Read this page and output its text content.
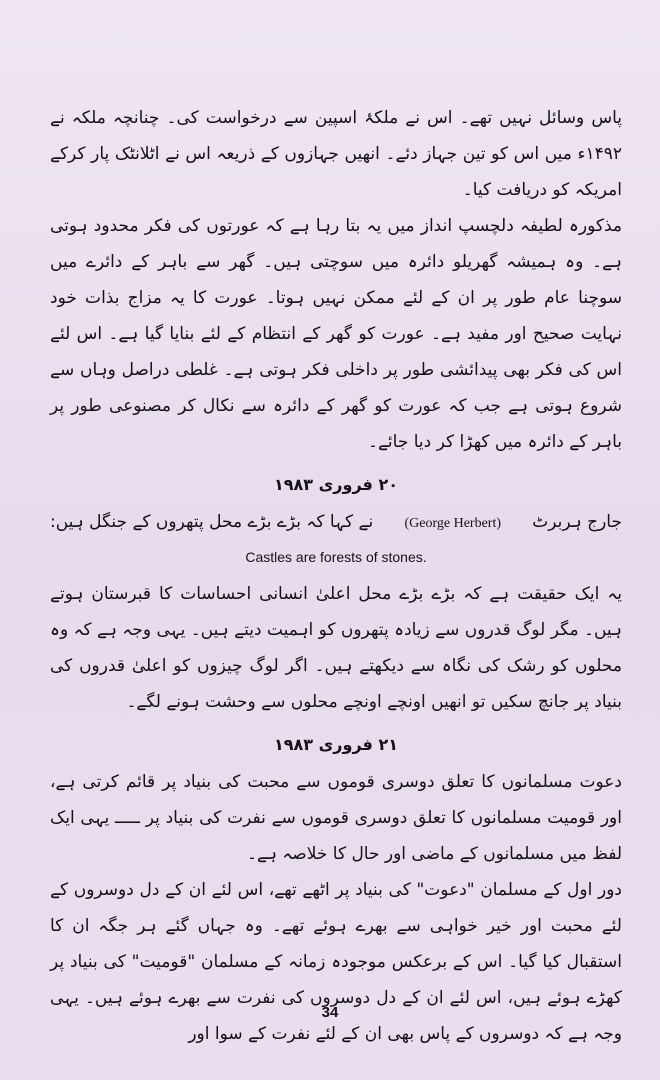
پاس وسائل نہیں تھے۔ اس نے ملکۂ اسپین سے درخواست کی۔ چنانچہ ملکہ نے ۱۴۹۲ء میں اس کو تین جہاز دئے۔ انھیں جہازوں کے ذریعہ اس نے اٹلانٹک پار کرکے امریکہ کو دریافت کیا۔

مذکورہ لطیفہ دلچسپ انداز میں یہ بتا رہا ہے کہ عورتوں کی فکر محدود ہوتی ہے۔ وہ ہمیشہ گھریلو دائرہ میں سوچتی ہیں۔ گھر سے باہر کے دائرے میں سوچنا عام طور پر ان کے لئے ممکن نہیں ہوتا۔ عورت کا یہ مزاج بذات خود نہایت صحیح اور مفید ہے۔ عورت کو گھر کے انتظام کے لئے بنایا گیا ہے۔ اس لئے اس کی فکر بھی پیدائشی طور پر داخلی فکر ہوتی ہے۔ غلطی دراصل وہاں سے شروع ہوتی ہے جب کہ عورت کو گھر کے دائرہ سے نکال کر مصنوعی طور پر باہر کے دائرہ میں کھڑا کر دیا جائے۔

۲۰ فروری ۱۹۸۳
جارج ہربرٹ
(George Herbert)
نے کہا کہ بڑے بڑے محل پتھروں کے جنگل ہیں:
Castles are forests of stones.

یہ ایک حقیقت ہے کہ بڑے بڑے محل اعلیٰ انسانی احساسات کا قبرستان ہوتے ہیں۔ مگر لوگ قدروں سے زیادہ پتھروں کو اہمیت دیتے ہیں۔ یہی وجہ ہے کہ وہ محلوں کو رشک کی نگاہ سے دیکھتے ہیں۔ اگر لوگ چیزوں کو اعلیٰ قدروں کی بنیاد پر جانچ سکیں تو انھیں اونچے اونچے محلوں سے وحشت ہونے لگے۔

۲۱ فروری ۱۹۸۳

دعوت مسلمانوں کا تعلق دوسری قوموں سے محبت کی بنیاد پر قائم کرتی ہے، اور قومیت مسلمانوں کا تعلق دوسری قوموں سے نفرت کی بنیاد پر ـــــ یہی ایک لفظ میں مسلمانوں کے ماضی اور حال کا خلاصہ ہے۔

دور اول کے مسلمان "دعوت" کی بنیاد پر اٹھے تھے، اس لئے ان کے دل دوسروں کے لئے محبت اور خیر خواہی سے بھرے ہوئے تھے۔ وہ جہاں گئے ہر جگہ ان کا استقبال کیا گیا۔ اس کے برعکس موجودہ زمانہ کے مسلمان "قومیت" کی بنیاد پر کھڑے ہوئے ہیں، اس لئے ان کے دل دوسروں کی نفرت سے بھرے ہوئے ہیں۔ یہی وجہ ہے کہ دوسروں کے پاس بھی ان کے لئے نفرت کے سوا اور

34
